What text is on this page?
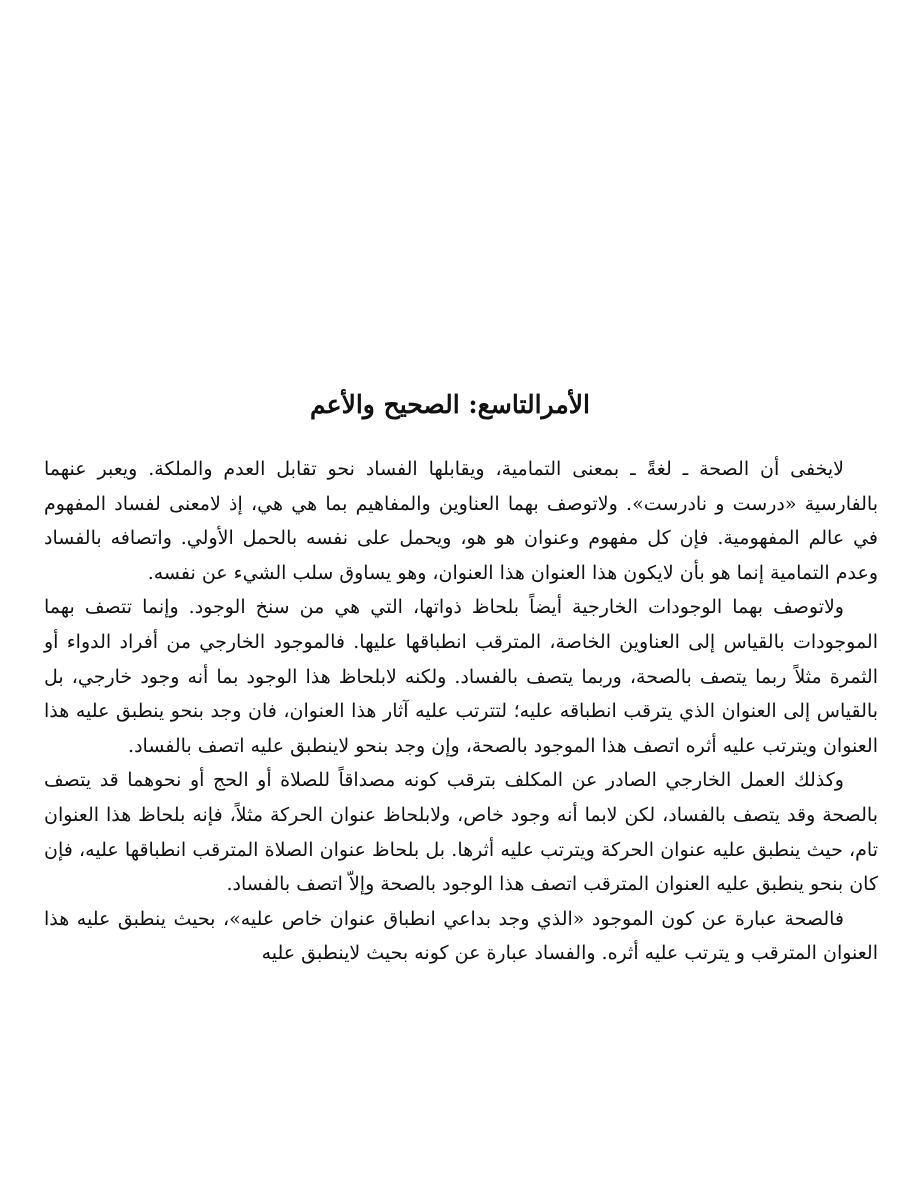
الأمرالتاسع: الصحيح والأعم

لايخفى أن الصحة ـ لغةً ـ بمعنى التمامية، ويقابلها الفساد نحو تقابل العدم والملكة. ويعبر عنهما بالفارسية «درست و نادرست». ولاتوصف بهما العناوين والمفاهيم بما هي هي، إذ لامعنى لفساد المفهوم في عالم المفهومية. فإن كل مفهوم وعنوان هو هو، ويحمل على نفسه بالحمل الأولي. واتصافه بالفساد وعدم التمامية إنما هو بأن لايكون هذا العنوان هذا العنوان، وهو يساوق سلب الشيء عن نفسه.

ولاتوصف بهما الوجودات الخارجية أيضاً بلحاظ ذواتها، التي هي من سنخ الوجود. وإنما تتصف بهما الموجودات بالقياس إلى العناوين الخاصة، المترقب انطباقها عليها. فالموجود الخارجي من أفراد الدواء أو الثمرة مثلاً ربما يتصف بالصحة، وربما يتصف بالفساد. ولكنه لابلحاظ هذا الوجود بما أنه وجود خارجي، بل بالقياس إلى العنوان الذي يترقب انطباقه عليه؛ لتترتب عليه آثار هذا العنوان، فان وجد بنحو ينطبق عليه هذا العنوان ويترتب عليه أثره اتصف هذا الموجود بالصحة، وإن وجد بنحو لاينطبق عليه اتصف بالفساد.

وكذلك العمل الخارجي الصادر عن المكلف بترقب كونه مصداقاً للصلاة أو الحج أو نحوهما قد يتصف بالصحة وقد يتصف بالفساد، لكن لابما أنه وجود خاص، ولابلحاظ عنوان الحركة مثلاً، فإنه بلحاظ هذا العنوان تام، حيث ينطبق عليه عنوان الحركة ويترتب عليه أثرها. بل بلحاظ عنوان الصلاة المترقب انطباقها عليه، فإن كان بنحو ينطبق عليه العنوان المترقب اتصف هذا الوجود بالصحة وإلاّ اتصف بالفساد.

فالصحة عبارة عن كون الموجود «الذي وجد بداعي انطباق عنوان خاص عليه»، بحيث ينطبق عليه هذا العنوان المترقب و يترتب عليه أثره. والفساد عبارة عن كونه بحيث لاينطبق عليه
